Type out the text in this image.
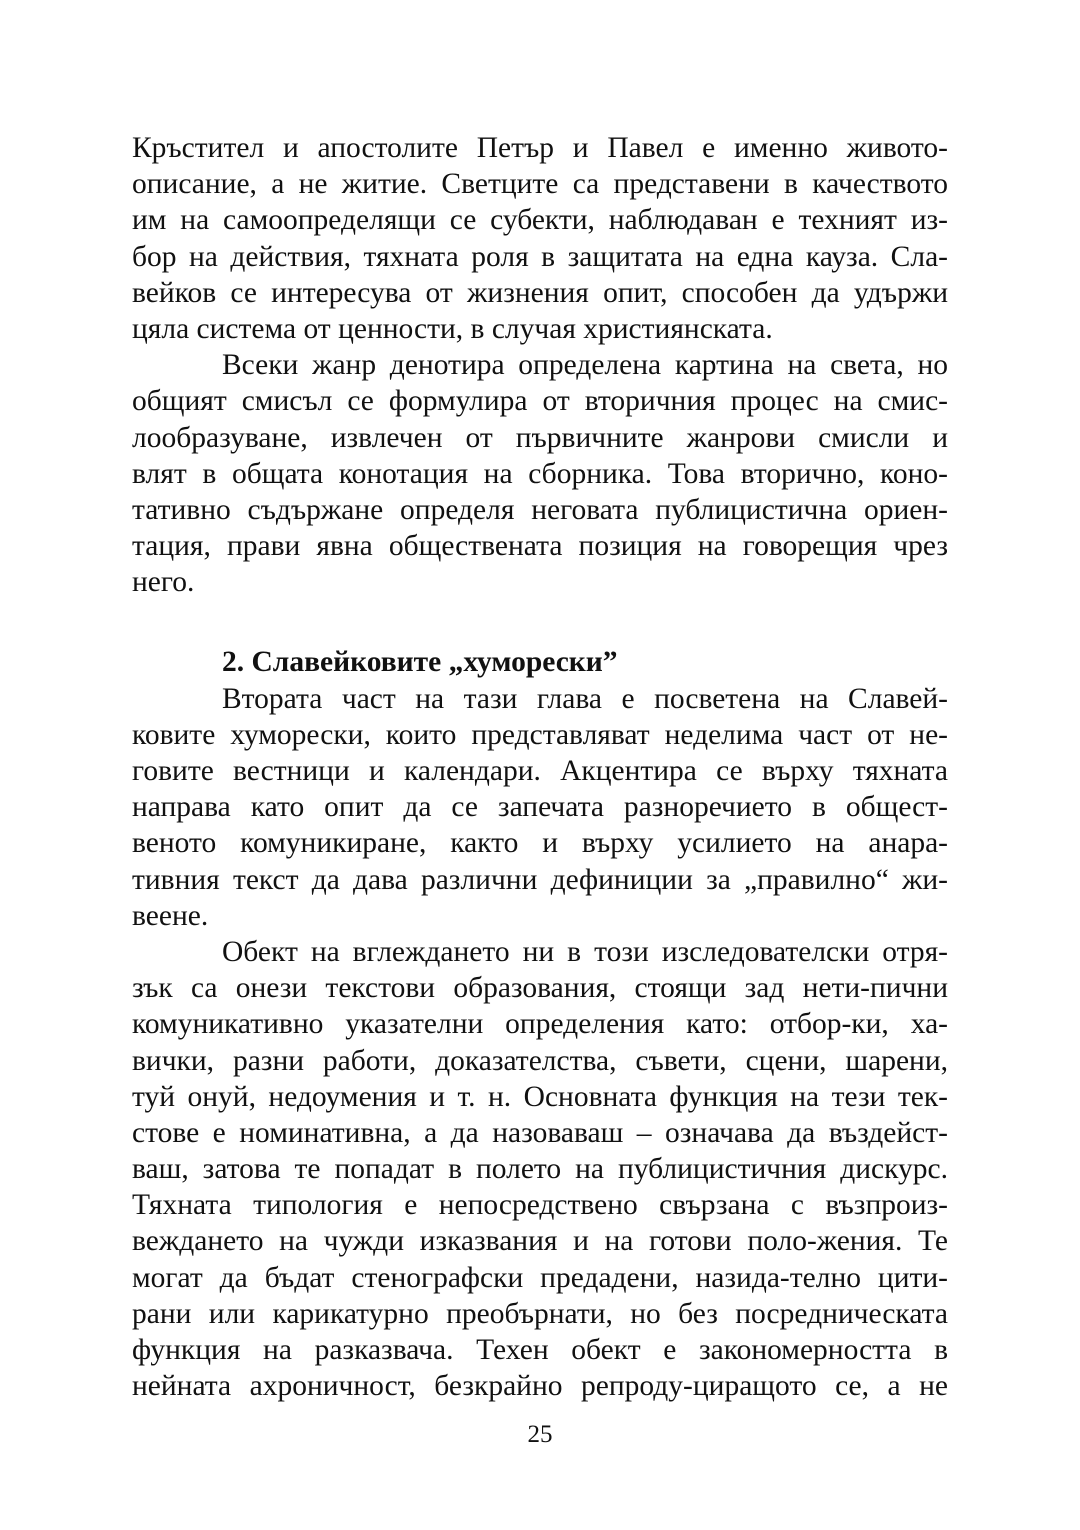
Кръстител и апостолите Петър и Павел е именно живото-
описание, а не житие. Светците са представени в качеството
им на самоопределящи се субекти, наблюдаван е техният из-
бор на действия, тяхната роля в защитата на една кауза. Сла-
вейков се интересува от жизнения опит, способен да удържи
цяла система от ценности, в случая християнската.
Всеки жанр денотира определена картина на света, но
общият смисъл се формулира от вторичния процес на смис-
лообразуване, извлечен от първичните жанрови смисли и
влят в общата конотация на сборника. Това вторично, коно-
тативно съдържане определя неговата публицистична ориен-
тация, прави явна обществената позиция на говорещия чрез
него.
2. Славейковите „хуморески”
Втората част на тази глава е посветена на Славей-
ковите хуморески, които представляват неделима част от не-
говите вестници и календари. Акцентира се върху тяхната
направа като опит да се запечата разноречието в общест-
веното комуникиране, както и върху усилието на анара-
тивния текст да дава различни дефиниции за „правилно“ жи-
веене.
Обект на вглеждането ни в този изследователски отря-
зък са онези текстови образования, стоящи зад нети-пични
комуникативно указателни определения като: отбор-ки, ха-
вички, разни работи, доказателства, съвети, сцени, шарени,
туй онуй, недоумения и т. н. Основната функция на тези тек-
стове е номинативна, а да назоваваш – означава да въздейст-
ваш, затова те попадат в полето на публицистичния дискурс.
Тяхната типология е непосредствено свързана с възпроиз-
вежданeто на чужди изказвания и на готови поло-жения. Те
могат да бъдат стенографски предадени, назида-телно цити-
рани или карикатурно преобърнати, но без посредническата
функция на разказвача. Техен обект е закономерността в
нейната ахроничност, безкрайно репроду-циращото се, а не
25
